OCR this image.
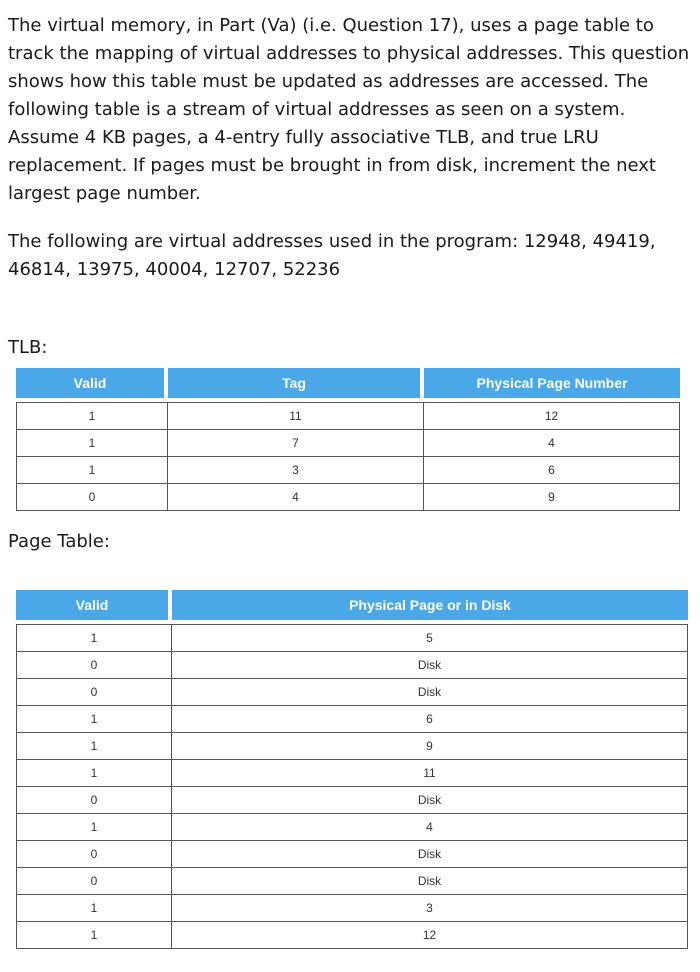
The virtual memory, in Part (Va) (i.e. Question 17), uses a page table to track the mapping of virtual addresses to physical addresses. This question shows how this table must be updated as addresses are accessed. The following table is a stream of virtual addresses as seen on a system. Assume 4 KB pages, a 4-entry fully associative TLB, and true LRU replacement. If pages must be brought in from disk, increment the next largest page number.

The following are virtual addresses used in the program: 12948, 49419, 46814, 13975, 40004, 12707, 52236

TLB:

Valid	Tag	Physical Page Number

1	11	12
1	7	4
1	3	6
0	4	9

Page Table:

Valid	Physical Page or in Disk

1	5
0	Disk
0	Disk
1	6
1	9
1	11
0	Disk
1	4
0	Disk
0	Disk
1	3
1	12
